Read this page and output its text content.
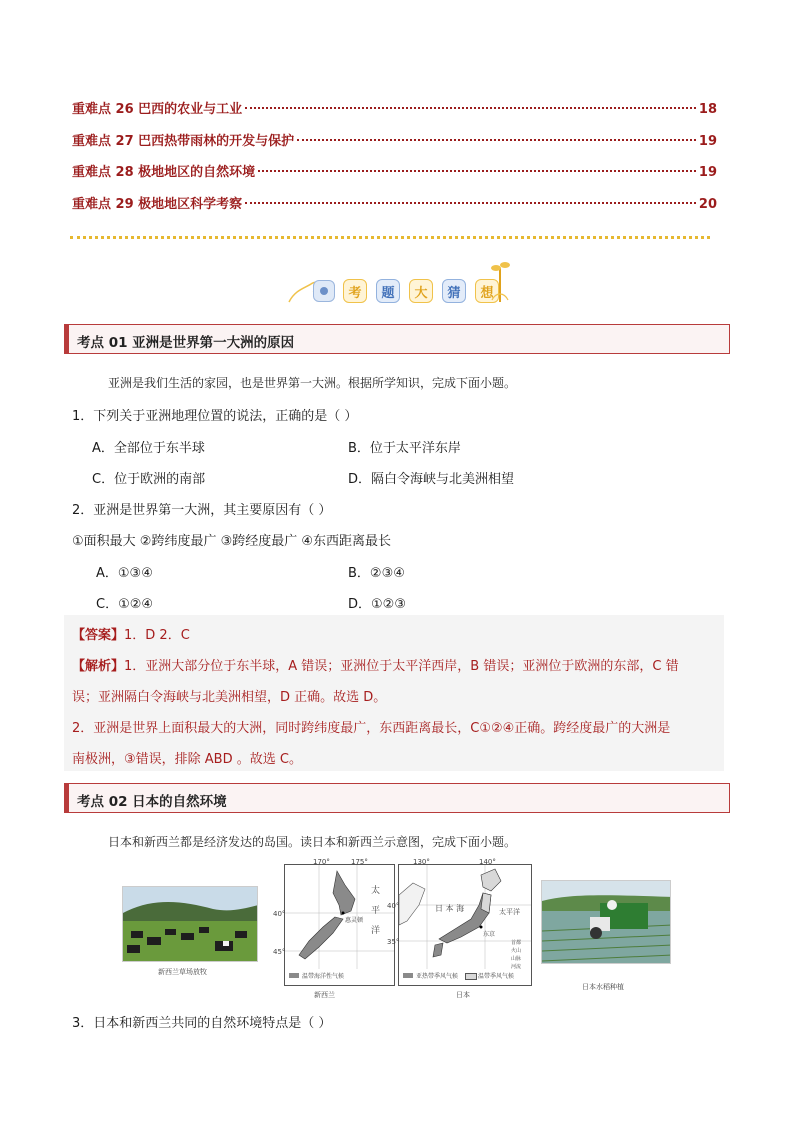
重难点 26 巴西的农业与工业	18
重难点 27 巴西热带雨林的开发与保护	19
重难点 28 极地地区的自然环境	19
重难点 29 极地地区科学考察	20
考	题	大	猜	想
考点 01 亚洲是世界第一大洲的原因
亚洲是我们生活的家园，也是世界第一大洲。根据所学知识，完成下面小题。
1．下列关于亚洲地理位置的说法，正确的是（ ）
A．全部位于东半球	B．位于太平洋东岸
C．位于欧洲的南部	D．隔白令海峡与北美洲相望
2．亚洲是世界第一大洲，其主要原因有（ ）
①面积最大 ②跨纬度最广 ③跨经度最广 ④东西距离最长
A．①③④	B．②③④
C．①②④	D．①②③
【答案】1．D 2．C
【解析】1．亚洲大部分位于东半球，A 错误；亚洲位于太平洋西岸，B 错误；亚洲位于欧洲的东部，C 错
误；亚洲隔白令海峡与北美洲相望，D 正确。故选 D。
2．亚洲是世界上面积最大的大洲，同时跨纬度最广，东西距离最长，C①②④正确。跨经度最广的大洲是
南极洲，③错误，排除 ABD 。故选 C。
考点 02 日本的自然环境
日本和新西兰都是经济发达的岛国。读日本和新西兰示意图，完成下面小题。
新西兰草场放牧
170°	175°
40°
45°
太
平
洋
惠灵顿
温带海洋性气候
新西兰
130°	140°
40°
35°
日 本 海	太平洋
东京
首都
火山
山脉
河流
亚热带季风气候	温带季风气候
日本
日本水稻种植
3．日本和新西兰共同的自然环境特点是（ ）
